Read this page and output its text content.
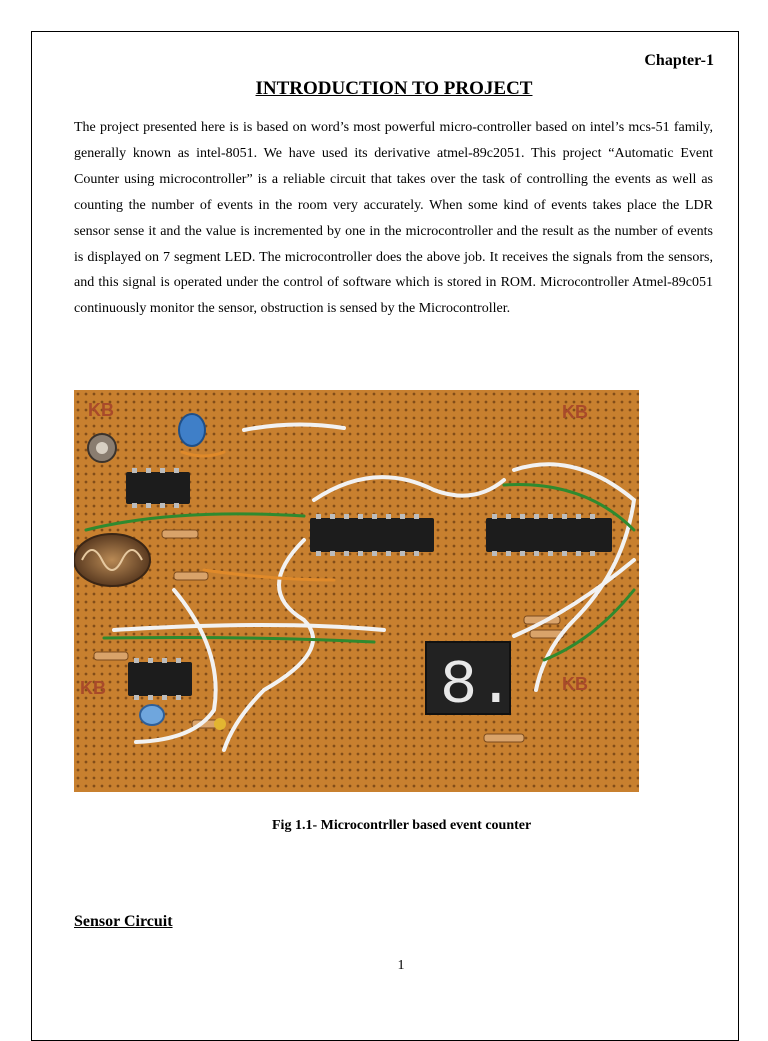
Chapter-1
INTRODUCTION TO PROJECT

The project presented here is is based on word’s most powerful micro-controller based on intel’s mcs-51 family, generally known as intel-8051. We have used its derivative atmel-89c2051. This project “Automatic Event Counter using microcontroller” is a reliable circuit that takes over the task of controlling the events as well as counting the number of events in the room very accurately. When some kind of events takes place the LDR sensor sense it and the value is incremented by one in the microcontroller and the result as the number of events is displayed on 7 segment LED. The microcontroller does the above job. It receives the signals from the sensors, and this signal is operated under the control of software which is stored in ROM. Microcontroller Atmel-89c051 continuously monitor the sensor, obstruction is sensed by the Microcontroller.

KB	KB
KB	KB
8.
Fig 1.1- Microcontrller based event counter
Sensor Circuit
1
